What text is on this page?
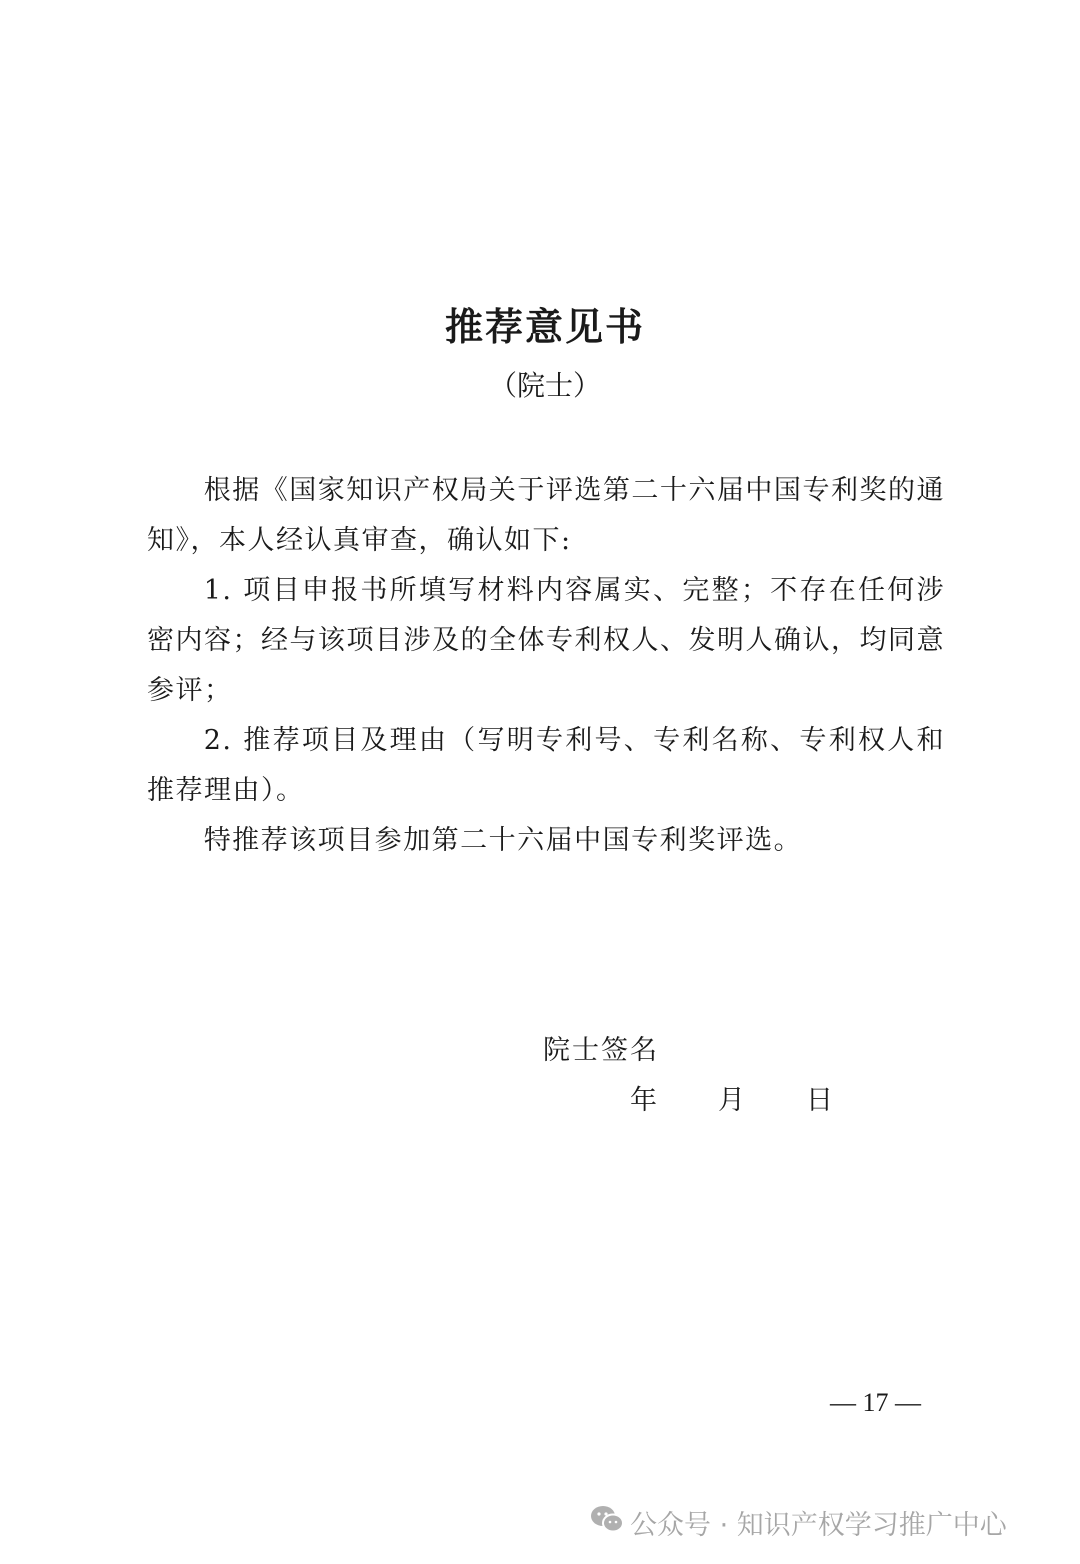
推荐意见书
（院士）

根据《国家知识产权局关于评选第二十六届中国专利奖的通知》，本人经认真审查，确认如下:

1. 项目申报书所填写材料内容属实、完整；不存在任何涉密内容；经与该项目涉及的全体专利权人、发明人确认，均同意参评；

2. 推荐项目及理由（写明专利号、专利名称、专利权人和推荐理由）。

特推荐该项目参加第二十六届中国专利奖评选。

院士签名
年 月 日
— 17 —
公众号 · 知识产权学习推广中心
